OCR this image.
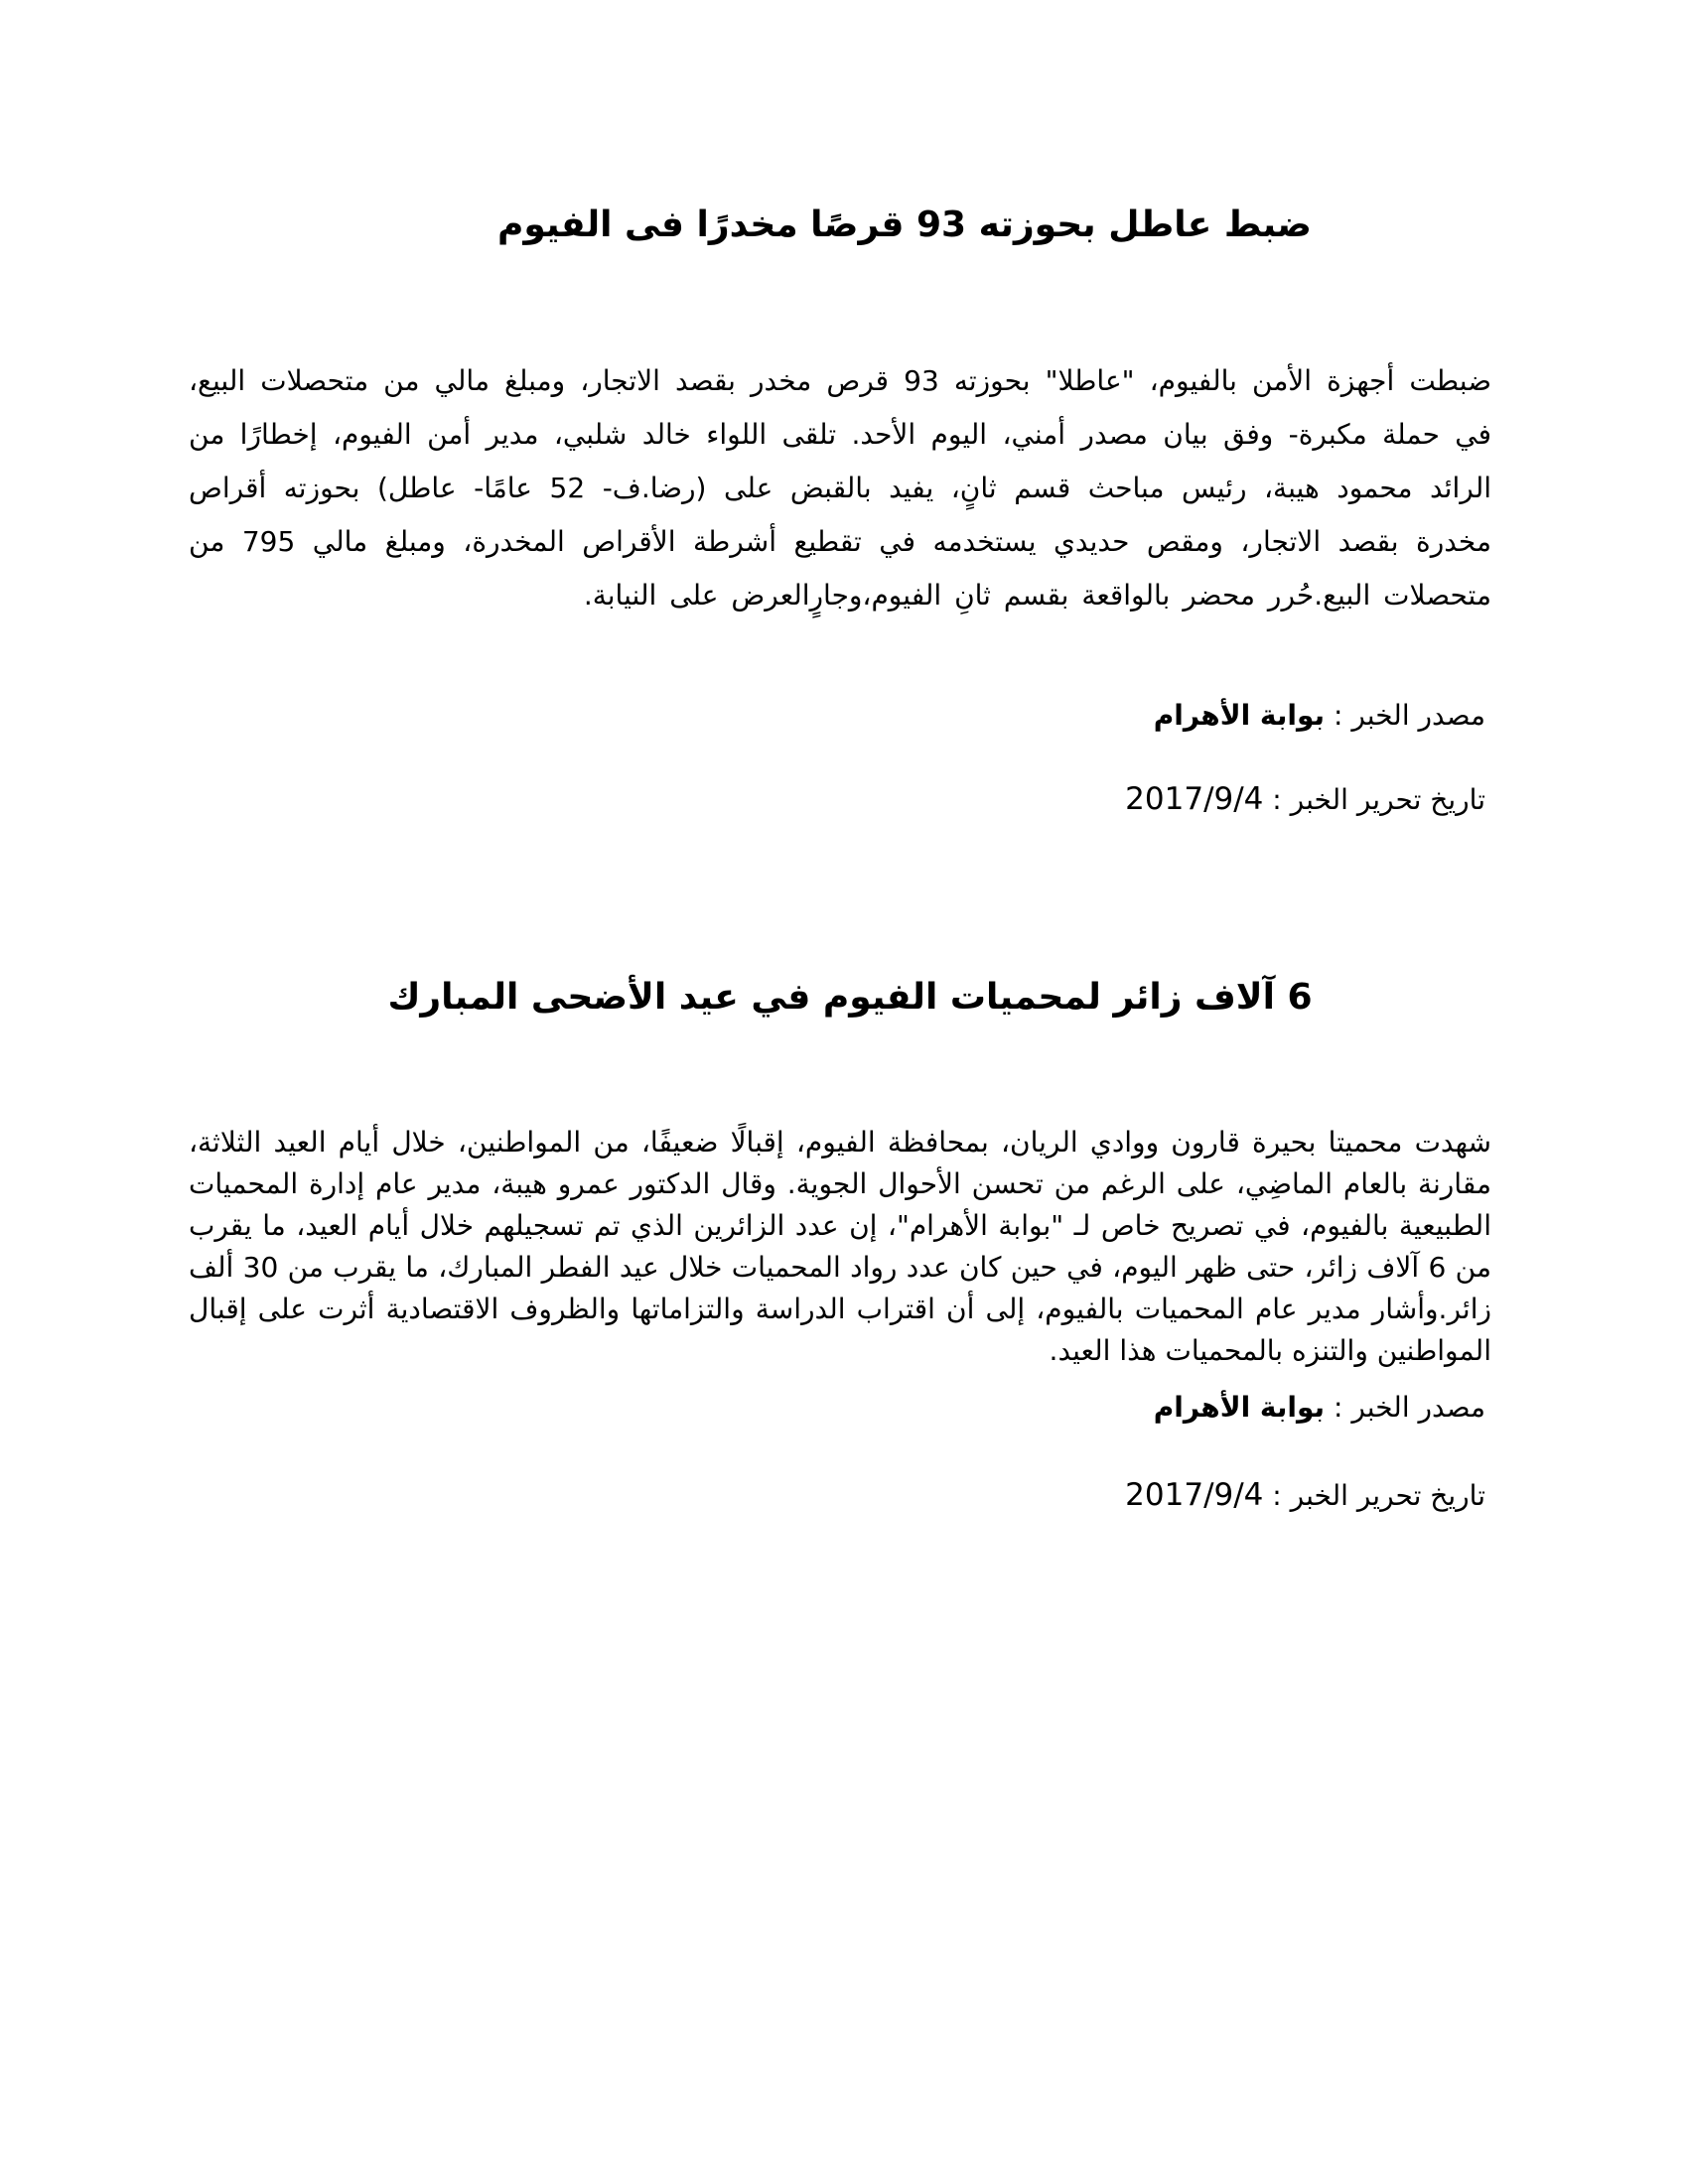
ضبط عاطل بحوزته 93 قرصًا مخدرًا فى الفيوم

ضبطت أجهزة الأمن بالفيوم، "عاطلا" بحوزته 93 قرص مخدر بقصد الاتجار، ومبلغ مالي من متحصلات البيع، في حملة مكبرة- وفق بيان مصدر أمني، اليوم الأحد. تلقى اللواء خالد شلبي، مدير أمن الفيوم، إخطارًا من الرائد محمود هيبة، رئيس مباحث قسم ثانٍ، يفيد بالقبض على (رضا.ف- 52 عامًا- عاطل) بحوزته أقراص مخدرة بقصد الاتجار، ومقص حديدي يستخدمه في تقطيع أشرطة الأقراص المخدرة، ومبلغ مالي 795 من متحصلات البيع.حُرر محضر بالواقعة بقسم ثانِ الفيوم،وجارٍالعرض على النيابة.

مصدر الخبر : بوابة الأهرام

تاريخ تحرير الخبر : 2017/9/4

6 آلاف زائر لمحميات الفيوم في عيد الأضحى المبارك

شهدت محميتا بحيرة قارون ووادي الريان، بمحافظة الفيوم، إقبالًا ضعيفًا، من المواطنين، خلال أيام العيد الثلاثة، مقارنة بالعام الماضِي، على الرغم من تحسن الأحوال الجوية. وقال الدكتور عمرو هيبة، مدير عام إدارة المحميات الطبيعية بالفيوم، في تصريح خاص لـ "بوابة الأهرام"، إن عدد الزائرين الذي تم تسجيلهم خلال أيام العيد، ما يقرب من 6 آلاف زائر، حتى ظهر اليوم، في حين كان عدد رواد المحميات خلال عيد الفطر المبارك، ما يقرب من 30 ألف زائر.وأشار مدير عام المحميات بالفيوم، إلى أن اقتراب الدراسة والتزاماتها والظروف الاقتصادية أثرت على إقبال المواطنين والتنزه بالمحميات هذا العيد.

مصدر الخبر : بوابة الأهرام

تاريخ تحرير الخبر : 2017/9/4
